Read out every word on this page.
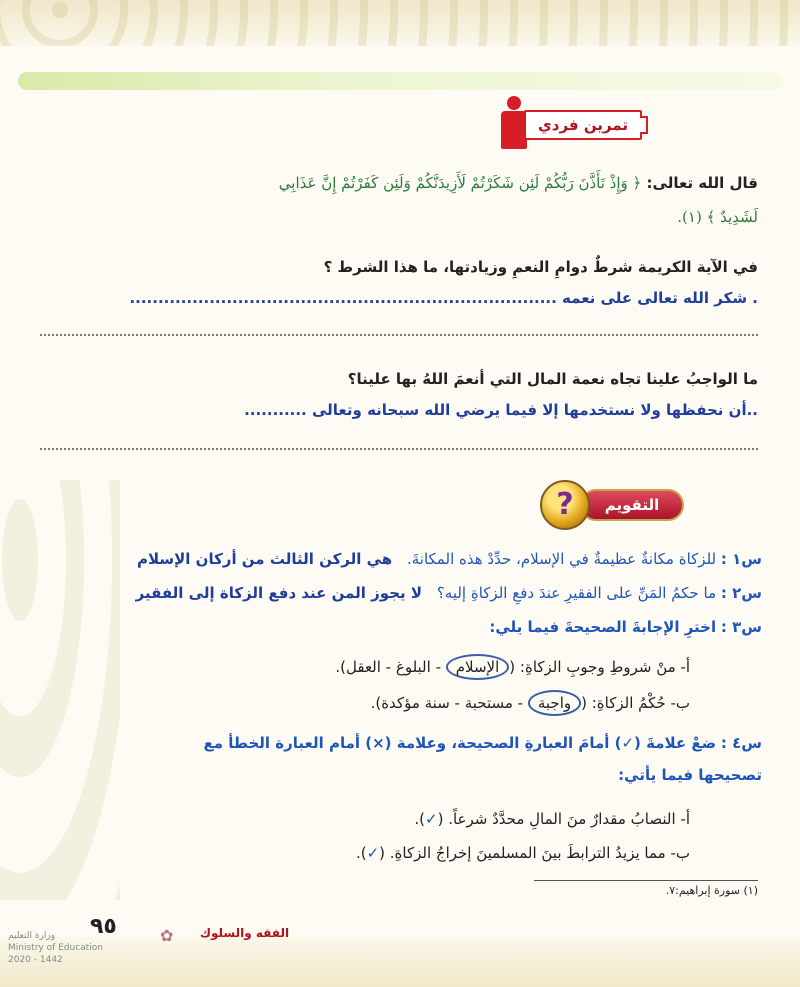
تمرين فردي
قال الله تعالى: ﴿ وَإِذْ تَأَذَّنَ رَبُّكُمْ لَئِن شَكَرْتُمْ لَأَزِيدَنَّكُمْ وَلَئِن كَفَرْتُمْ إِنَّ عَذَابِي
لَشَدِيدٌ ﴾ (١).
في الآية الكريمة شرطٌ دوامِ النعمِ وزيادتها، ما هذا الشرط ؟
. شكر الله تعالى على نعمه ...........................................................................
ما الواجبُ علينا تجاه نعمة المال التي أنعمَ اللهُ بها علينا؟
..أن نحفظها ولا نستخدمها إلا فيما يرضي الله سبحانه وتعالى ...........
التقويم
?
س١ : للزكاة مكانةٌ عظيمةٌ في الإسلام، حدِّدْ هذه المكانةَ. هي الركن الثالث من أركان الإسلام
س٢ : ما حكمُ المَنِّ على الفقيرِ عندَ دفعِ الزكاةِ إليه؟ لا يجوز المن عند دفع الزكاة إلى الفقير
س٣ : اخترِ الإجابةَ الصحيحةَ فيما يلي:
أ- منْ شروطِ وجوبِ الزكاةِ: (الإسلام - البلوغ - العقل).
ب- حُكْمُ الزكاةِ: (واجبة - مستحبة - سنة مؤكدة).
س٤ : ضعْ علامةَ (✓) أمامَ العبارةِ الصحيحة، وعلامة (×) أمام العبارة الخطأ مع
تصحيحها فيما يأتي:
أ- النصابُ مقدارٌ منَ المالِ محدَّدٌ شرعاً. (✓).
ب- مما يزيدُ الترابطَ بينَ المسلمينَ إخراجُ الزكاةِ. (✓).
(١) سورة إبراهيم:٧.
وزارة التعليم
Ministry of Education
2020 - 1442
٩٥	✿ الفقه والسلوك
